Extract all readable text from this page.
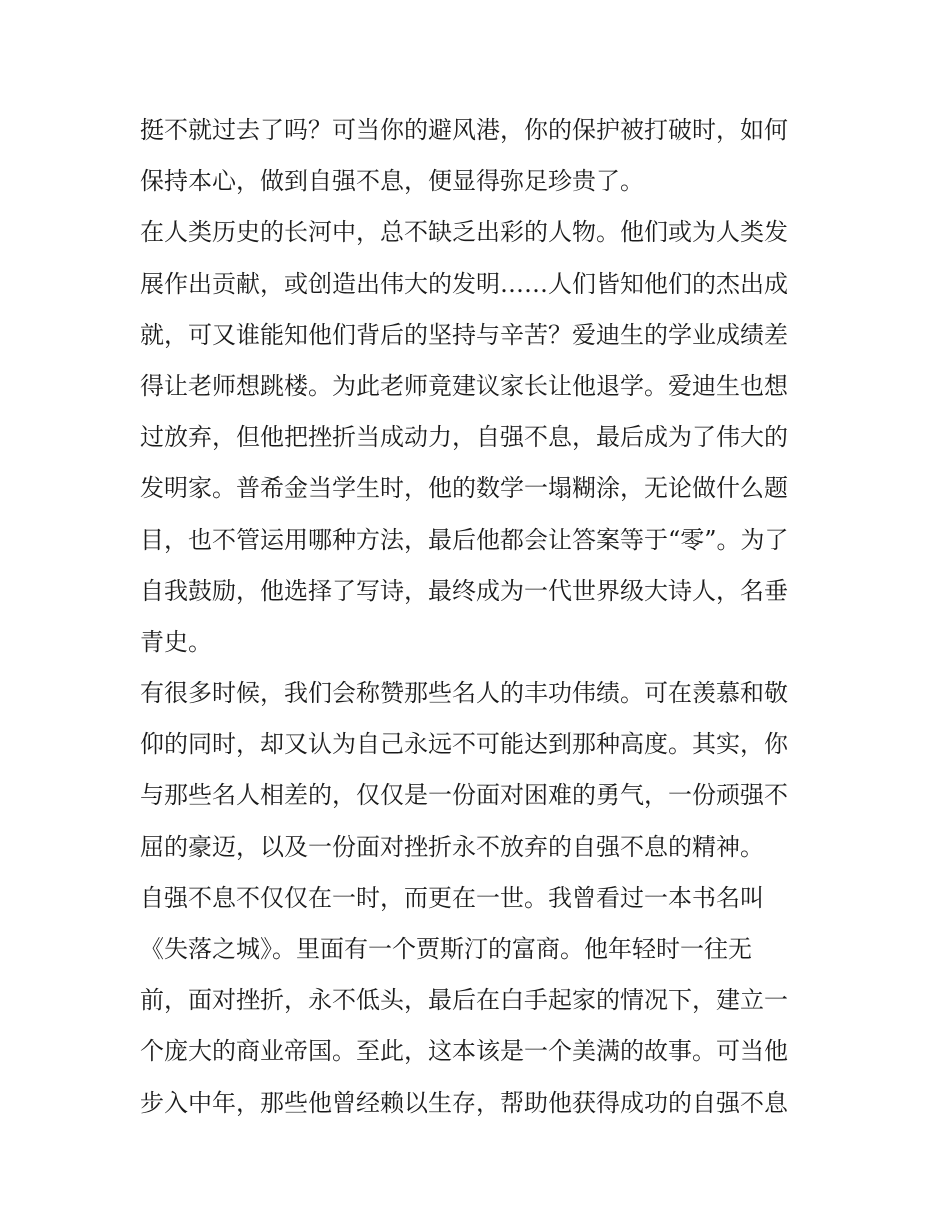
挺不就过去了吗？可当你的避风港，你的保护被打破时，如何
保持本心，做到自强不息，便显得弥足珍贵了。
在人类历史的长河中，总不缺乏出彩的人物。他们或为人类发
展作出贡献，或创造出伟大的发明……人们皆知他们的杰出成
就，可又谁能知他们背后的坚持与辛苦？爱迪生的学业成绩差
得让老师想跳楼。为此老师竟建议家长让他退学。爱迪生也想
过放弃，但他把挫折当成动力，自强不息，最后成为了伟大的
发明家。普希金当学生时，他的数学一塌糊涂，无论做什么题
目，也不管运用哪种方法，最后他都会让答案等于“零”。为了
自我鼓励，他选择了写诗，最终成为一代世界级大诗人，名垂
青史。
有很多时候，我们会称赞那些名人的丰功伟绩。可在羡慕和敬
仰的同时，却又认为自己永远不可能达到那种高度。其实，你
与那些名人相差的，仅仅是一份面对困难的勇气，一份顽强不
屈的豪迈，以及一份面对挫折永不放弃的自强不息的精神。
自强不息不仅仅在一时，而更在一世。我曾看过一本书名叫
《失落之城》。里面有一个贾斯汀的富商。他年轻时一往无
前，面对挫折，永不低头，最后在白手起家的情况下，建立一
个庞大的商业帝国。至此，这本该是一个美满的故事。可当他
步入中年，那些他曾经赖以生存，帮助他获得成功的自强不息
